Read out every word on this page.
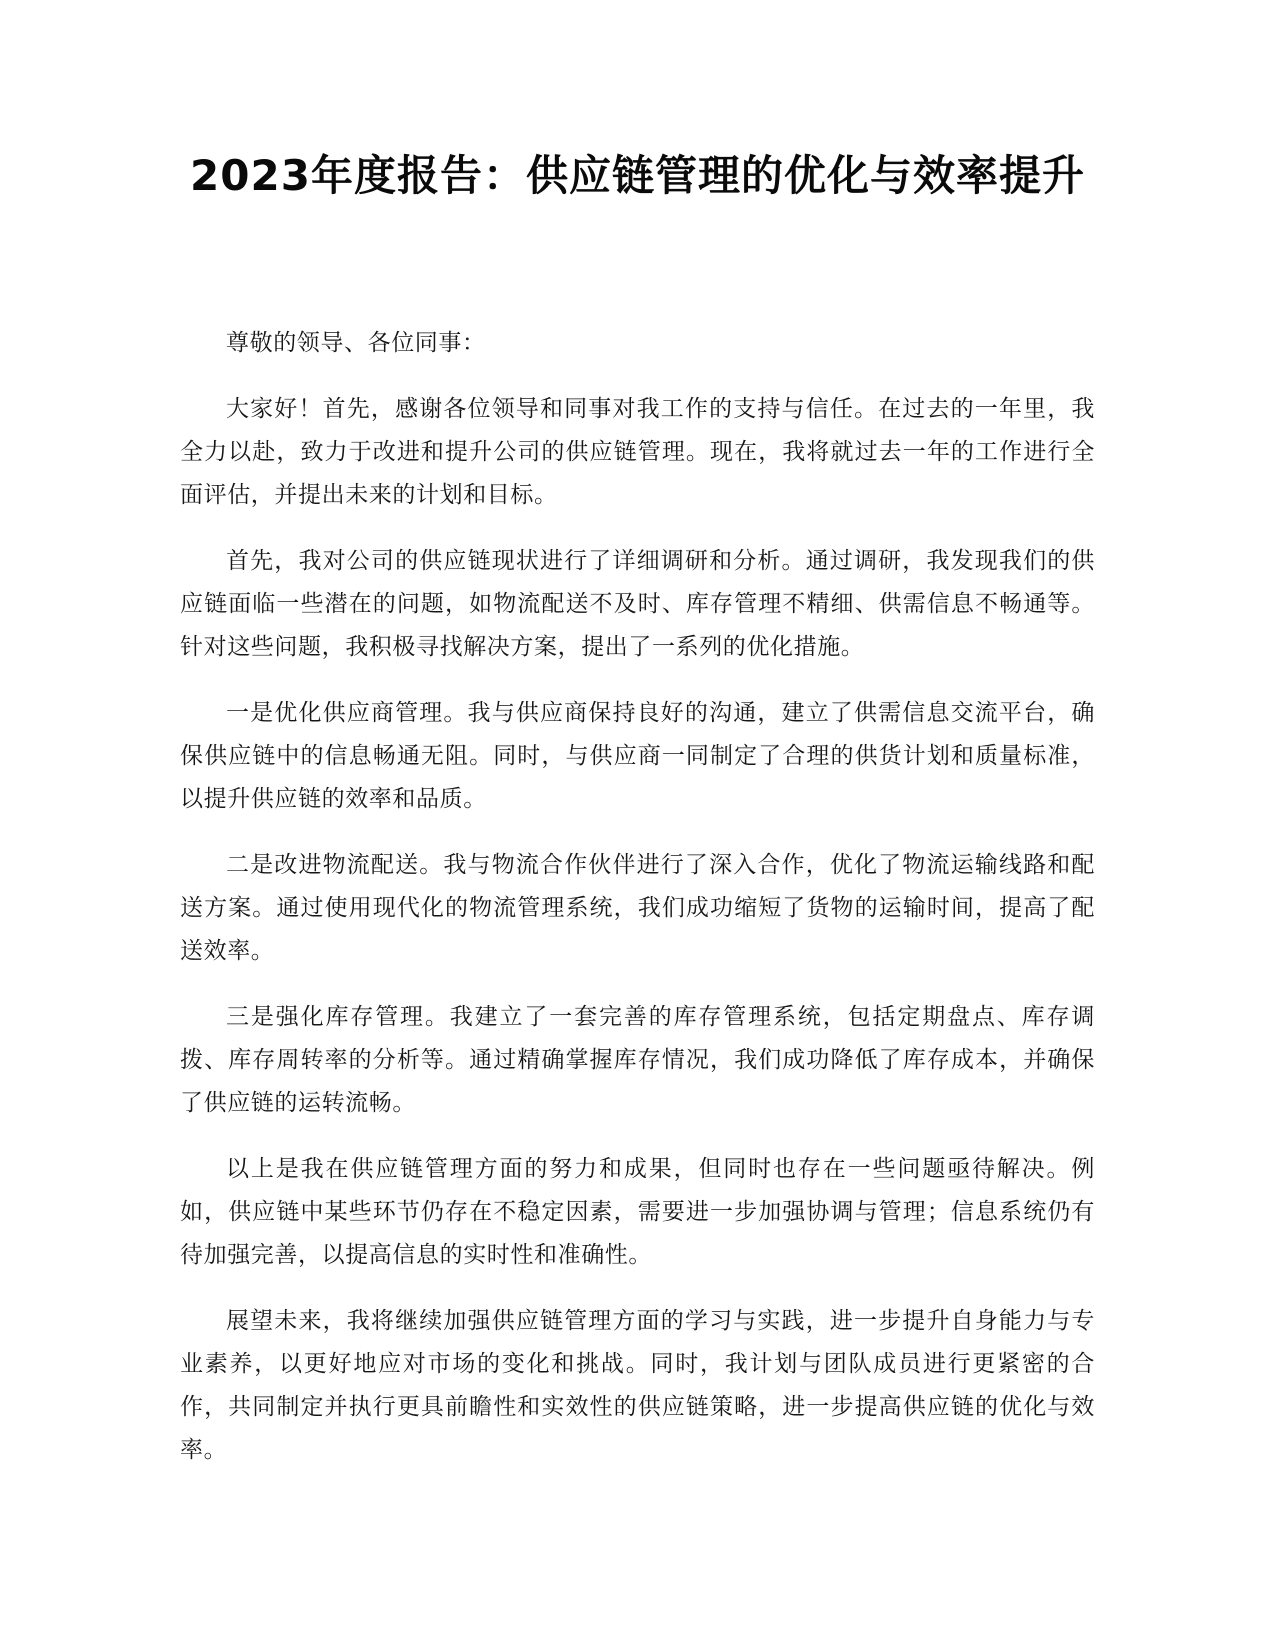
2023年度报告：供应链管理的优化与效率提升

尊敬的领导、各位同事：

大家好！首先，感谢各位领导和同事对我工作的支持与信任。在过去的一年里，我全力以赴，致力于改进和提升公司的供应链管理。现在，我将就过去一年的工作进行全面评估，并提出未来的计划和目标。

首先，我对公司的供应链现状进行了详细调研和分析。通过调研，我发现我们的供应链面临一些潜在的问题，如物流配送不及时、库存管理不精细、供需信息不畅通等。针对这些问题，我积极寻找解决方案，提出了一系列的优化措施。

一是优化供应商管理。我与供应商保持良好的沟通，建立了供需信息交流平台，确保供应链中的信息畅通无阻。同时，与供应商一同制定了合理的供货计划和质量标准，以提升供应链的效率和品质。

二是改进物流配送。我与物流合作伙伴进行了深入合作，优化了物流运输线路和配送方案。通过使用现代化的物流管理系统，我们成功缩短了货物的运输时间，提高了配送效率。

三是强化库存管理。我建立了一套完善的库存管理系统，包括定期盘点、库存调拨、库存周转率的分析等。通过精确掌握库存情况，我们成功降低了库存成本，并确保了供应链的运转流畅。

以上是我在供应链管理方面的努力和成果，但同时也存在一些问题亟待解决。例如，供应链中某些环节仍存在不稳定因素，需要进一步加强协调与管理；信息系统仍有待加强完善，以提高信息的实时性和准确性。

展望未来，我将继续加强供应链管理方面的学习与实践，进一步提升自身能力与专业素养，以更好地应对市场的变化和挑战。同时，我计划与团队成员进行更紧密的合作，共同制定并执行更具前瞻性和实效性的供应链策略，进一步提高供应链的优化与效率。
